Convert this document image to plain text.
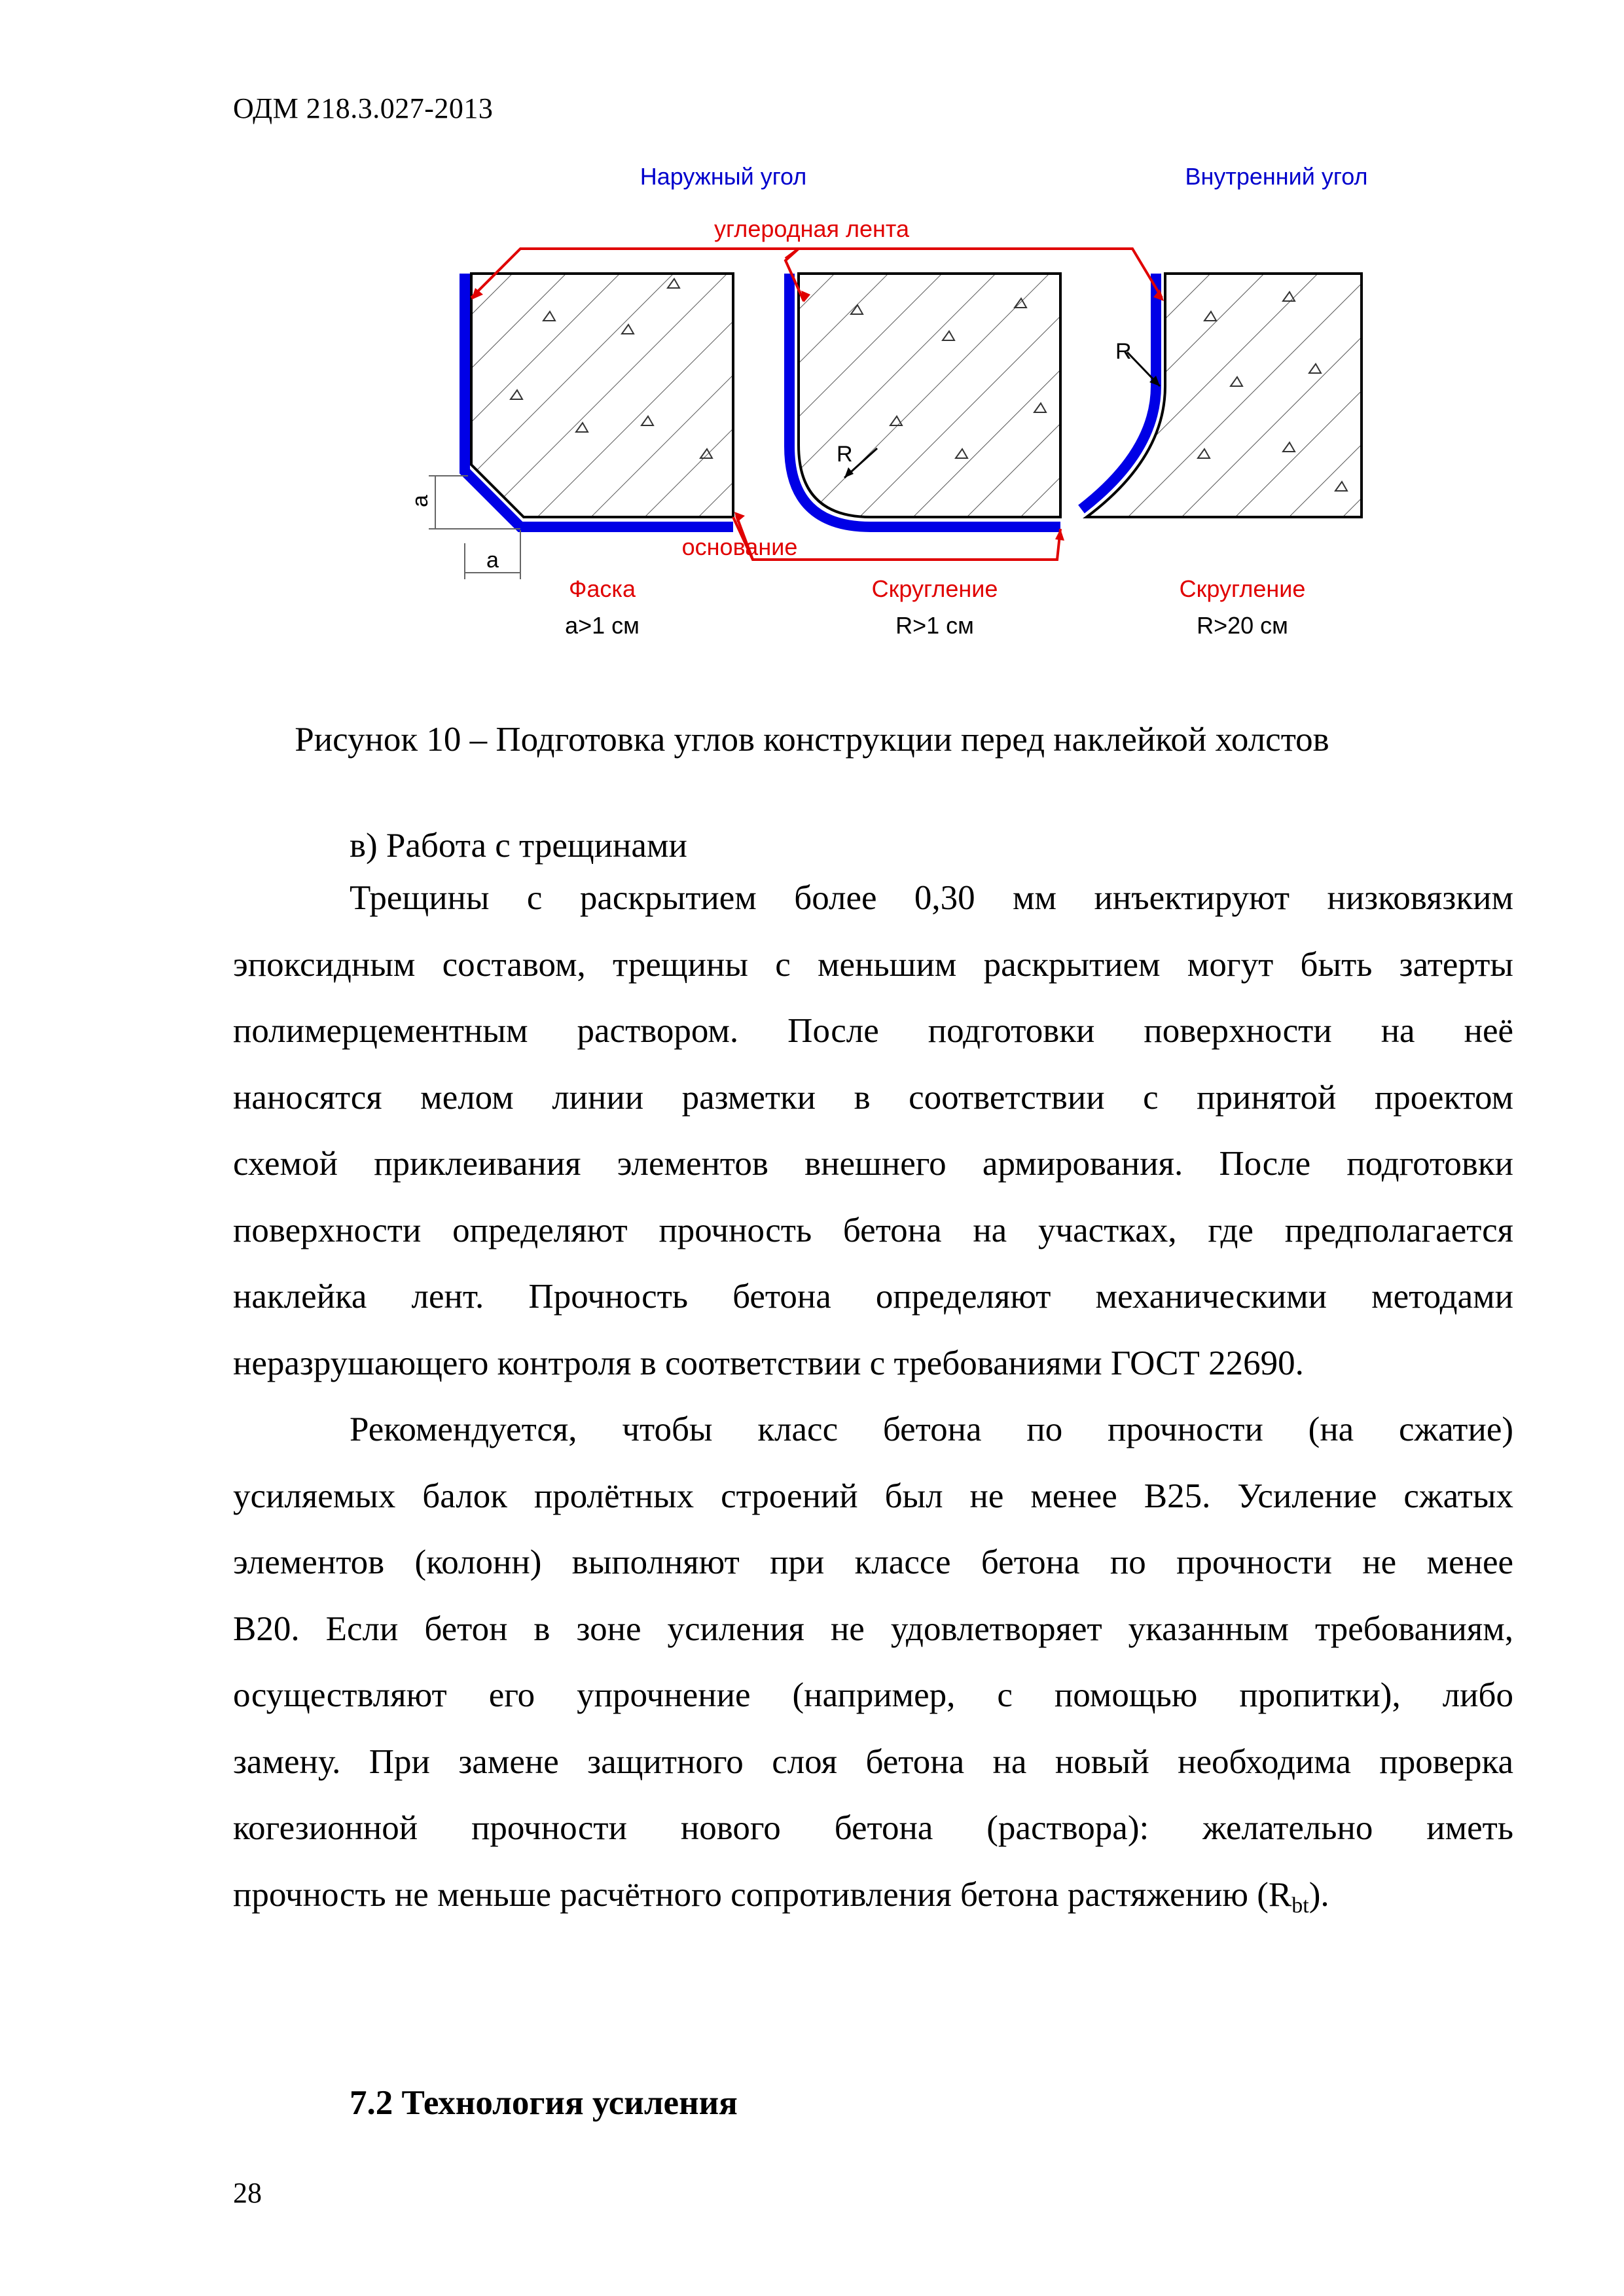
ОДМ 218.3.027-2013
a
a
R
R
Наружный угол	Внутренний угол
углеродная лента
основание
Фаска
а>1 см
Скругление
R>1 см
Скругление
R>20 см
Рисунок 10 – Подготовка углов конструкции перед наклейкой холстов
в) Работа с трещинами
Трещины с раскрытием более 0,30 мм инъектируют низковязким
эпоксидным составом, трещины с меньшим раскрытием могут быть затерты
полимерцементным раствором. После подготовки поверхности на неё
наносятся мелом линии разметки в соответствии с принятой проектом
схемой приклеивания элементов внешнего армирования. После подготовки
поверхности определяют прочность бетона на участках, где предполагается
наклейка лент. Прочность бетона определяют механическими методами
неразрушающего контроля в соответствии с требованиями ГОСТ 22690.
Рекомендуется, чтобы класс бетона по прочности (на сжатие)
усиляемых балок пролётных строений был не менее В25. Усиление сжатых
элементов (колонн) выполняют при классе бетона по прочности не менее
В20. Если бетон в зоне усиления не удовлетворяет указанным требованиям,
осуществляют его упрочнение (например, с помощью пропитки), либо
замену. При замене защитного слоя бетона на новый необходима проверка
когезионной прочности нового бетона (раствора): желательно иметь
прочность не меньше расчётного сопротивления бетона растяжению $(R_{bt})$.
7.2 Технология усиления
28
